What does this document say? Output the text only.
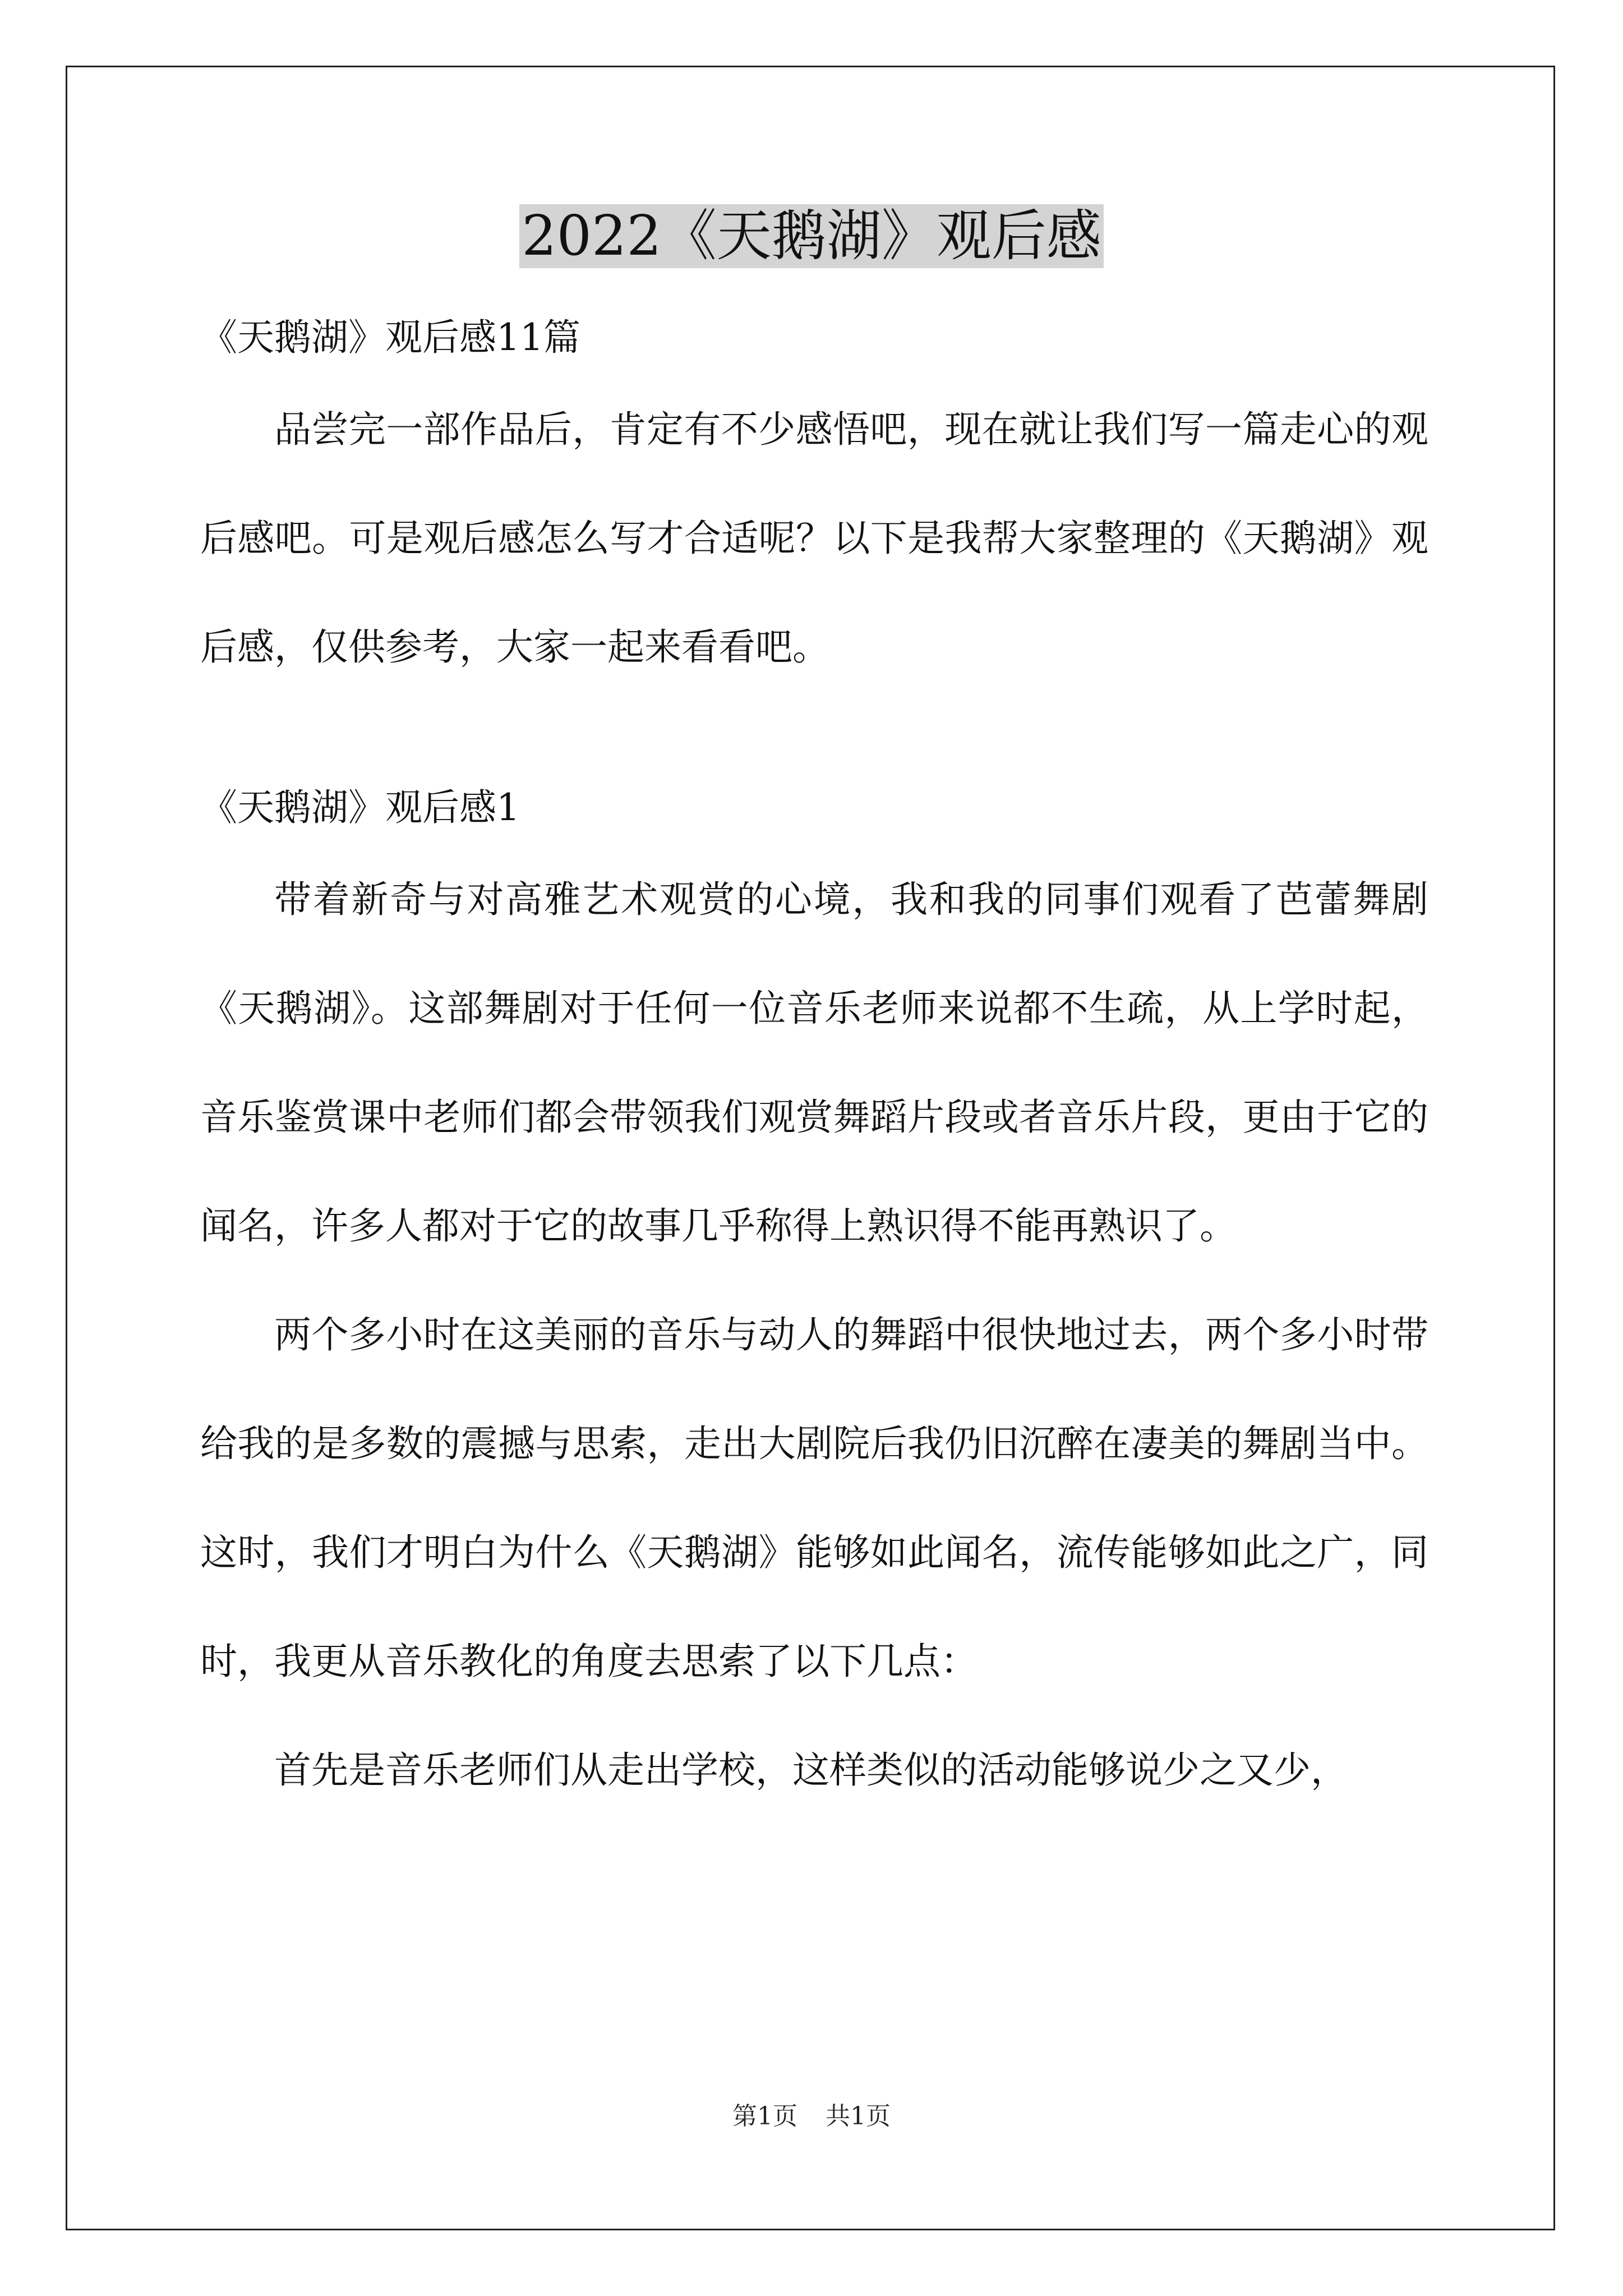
2022《天鹅湖》观后感

《天鹅湖》观后感11篇

品尝完一部作品后，肯定有不少感悟吧，现在就让我们写一篇走心的观后感吧。可是观后感怎么写才合适呢？以下是我帮大家整理的《天鹅湖》观后感，仅供参考，大家一起来看看吧。

《天鹅湖》观后感1

带着新奇与对高雅艺术观赏的心境，我和我的同事们观看了芭蕾舞剧《天鹅湖》。这部舞剧对于任何一位音乐老师来说都不生疏，从上学时起，音乐鉴赏课中老师们都会带领我们观赏舞蹈片段或者音乐片段，更由于它的闻名，许多人都对于它的故事几乎称得上熟识得不能再熟识了。

两个多小时在这美丽的音乐与动人的舞蹈中很快地过去，两个多小时带给我的是多数的震撼与思索，走出大剧院后我仍旧沉醉在凄美的舞剧当中。这时，我们才明白为什么《天鹅湖》能够如此闻名，流传能够如此之广，同时，我更从音乐教化的角度去思索了以下几点：

首先是音乐老师们从走出学校，这样类似的活动能够说少之又少，

第1页 共1页
